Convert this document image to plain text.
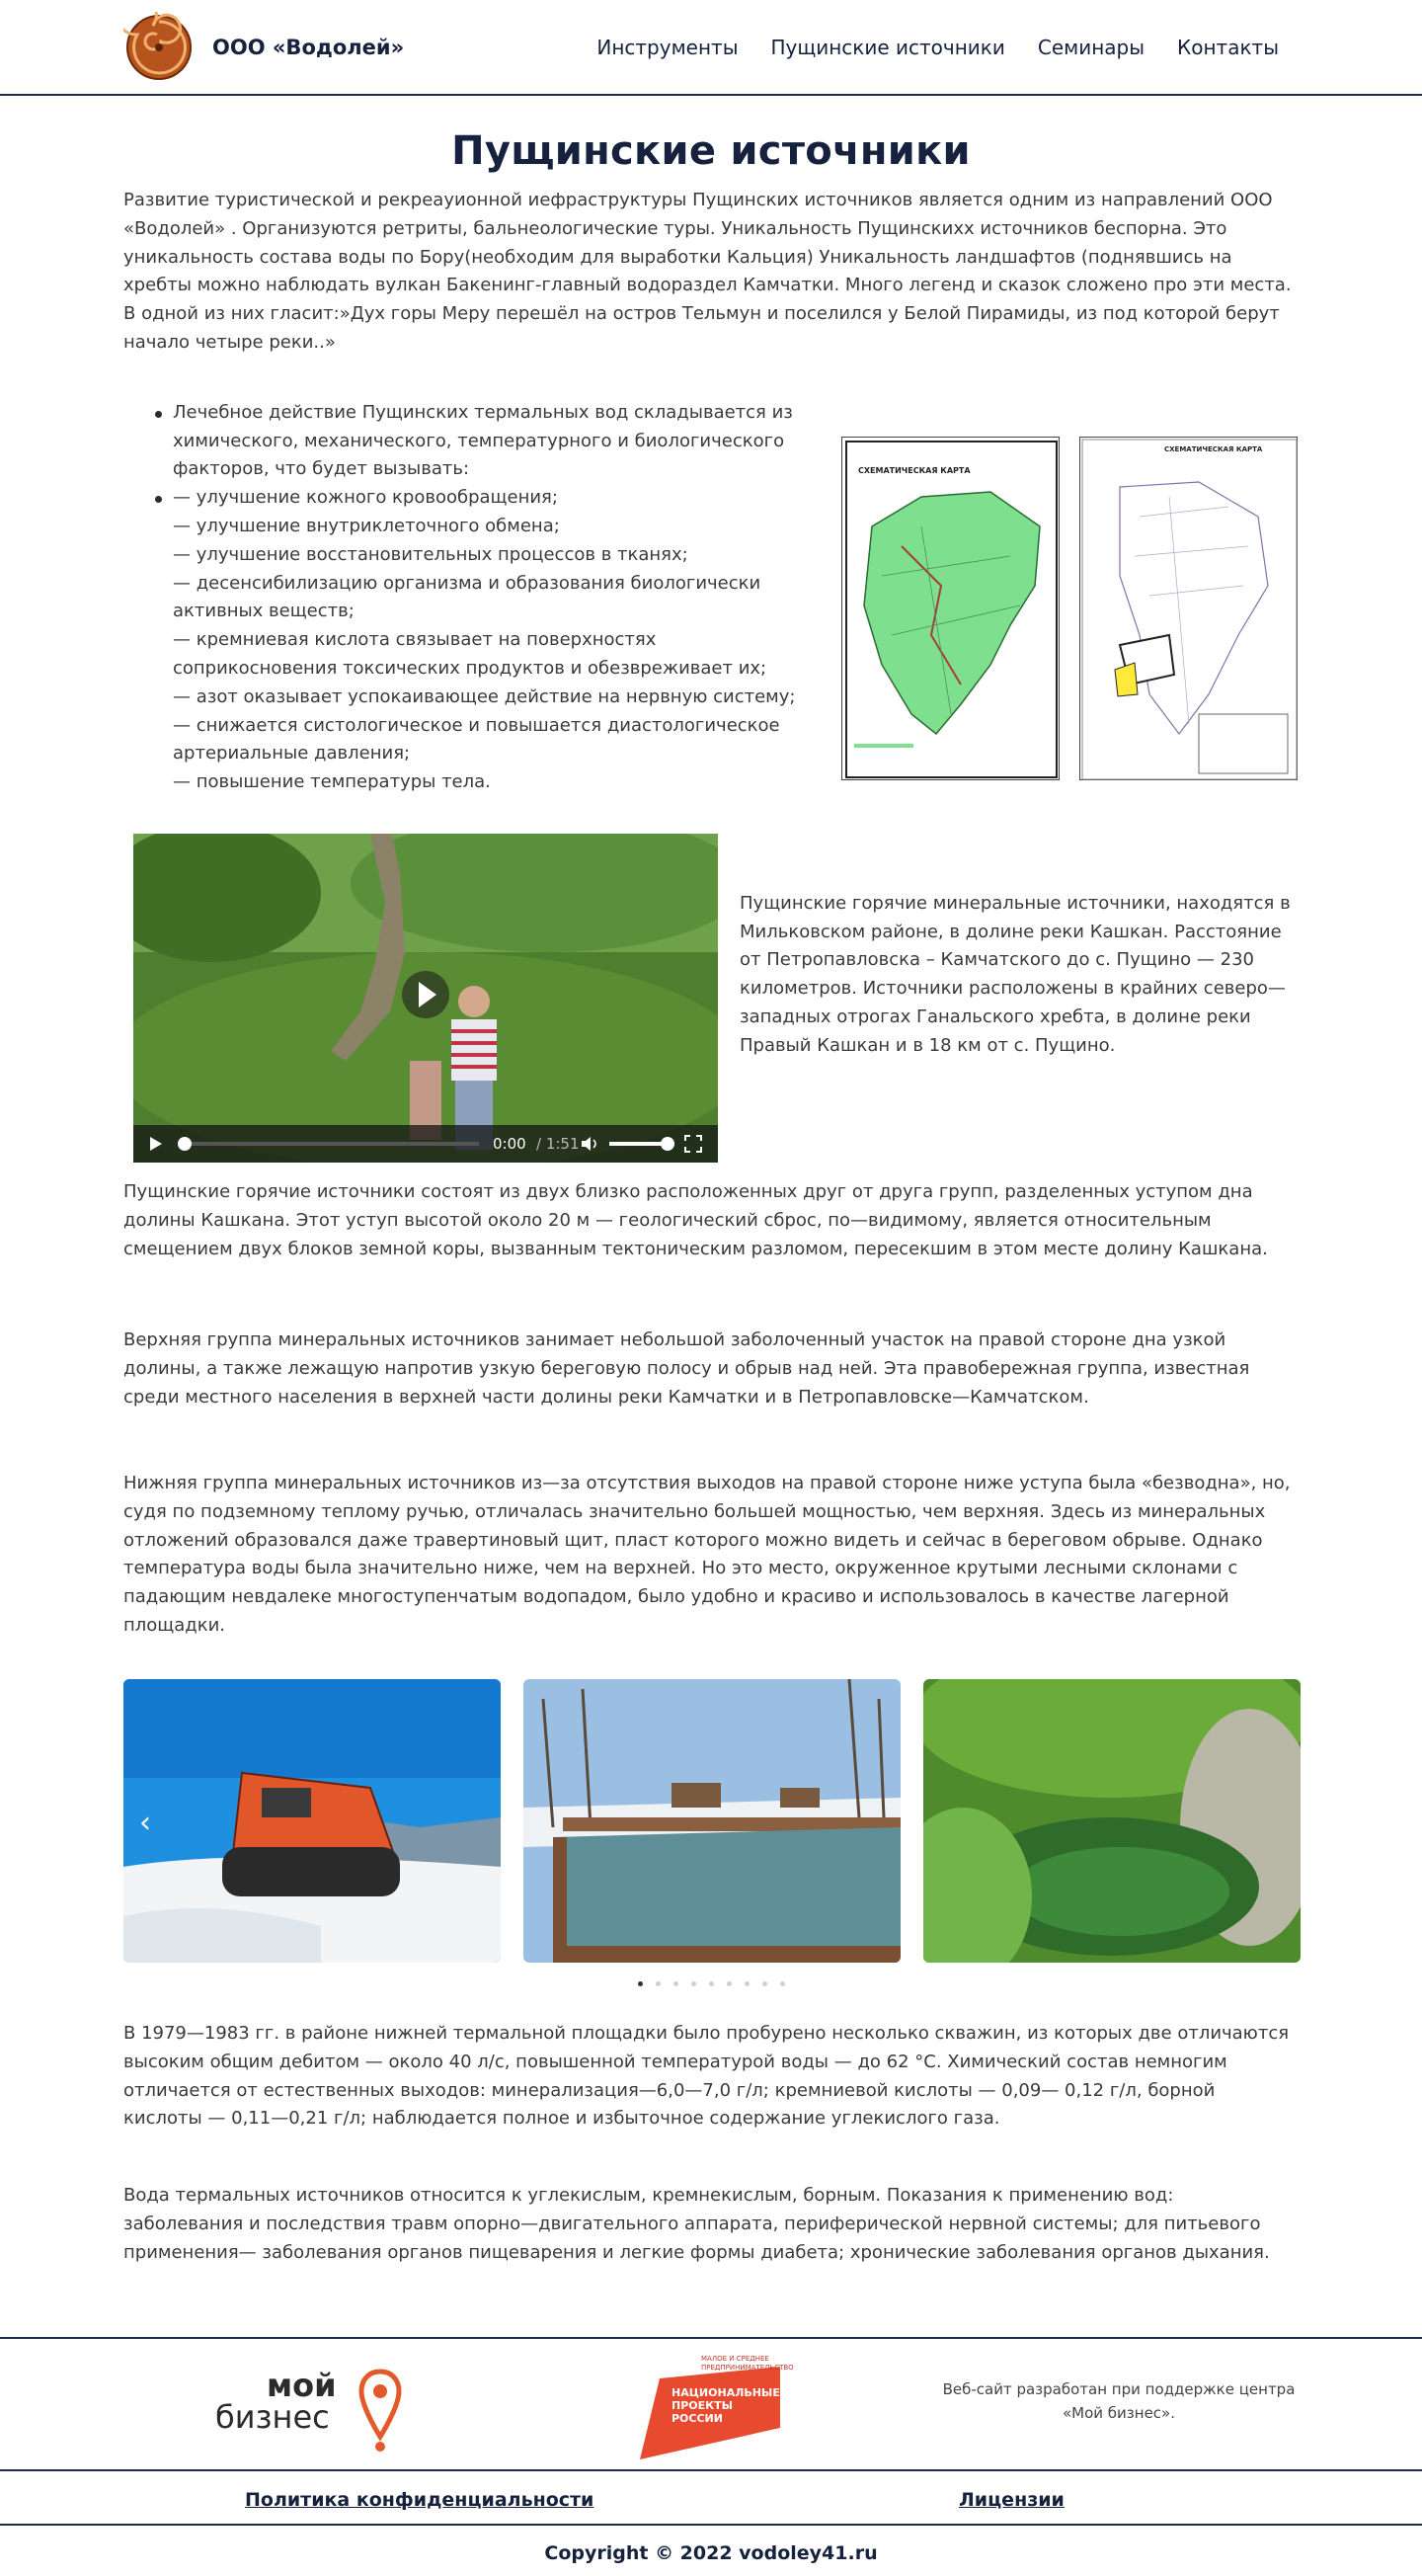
ООО «Водолей»	Инструменты Пущинские источники Семинары Контакты
Пущинские источники

Развитие туристической и рекреауионной иефраструктуры Пущинских источников является одним из направлений ООО «Водолей» . Организуются ретриты, бальнеологические туры. Уникальность Пущинскихх источников беспорна. Это уникальность состава воды по Бору(необходим для выработки Кальция) Уникальность ландшафтов (поднявшись на хребты можно наблюдать вулкан Бакенинг-главный водораздел Камчатки. Много легенд и сказок сложено про эти места. В одной из них гласит:»Дух горы Меру перешёл на остров Тельмун и поселился у Белой Пирамиды, из под которой берут начало четыре реки..»

Лечебное действие Пущинских термальных вод складывается из химического, механического, температурного и биологического факторов, что будет вызывать:
— улучшение кожного кровообращения;
— улучшение внутриклеточного обмена;
— улучшение восстановительных процессов в тканях;
— десенсибилизацию организма и образования биологически активных веществ;
— кремниевая кислота связывает на поверхностях соприкосновения токсических продуктов и обезвреживает их;
— азот оказывает успокаивающее действие на нервную систему;
— снижается систологическое и повышается диастологическое артериальные давления;
— повышение температуры тела.
СХЕМАТИЧЕСКАЯ КАРТА
СХЕМАТИЧЕСКАЯ КАРТА
0:00 / 1:51

Пущинские горячие минеральные источники, находятся в Мильковском районе, в долине реки Кашкан. Расстояние от Петропавловска – Камчатского до с. Пущино — 230 километров. Источники расположены в крайних северо—западных отрогах Ганальского хребта, в долине реки Правый Кашкан и в 18 км от с. Пущино.

Пущинские горячие источники состоят из двух близко расположенных друг от друга групп, разделенных уступом дна долины Кашкана. Этот уступ высотой около 20 м — геологический сброс, по—видимому, является относительным смещением двух блоков земной коры, вызванным тектоническим разломом, пересекшим в этом месте долину Кашкана.

Верхняя группа минеральных источников занимает небольшой заболоченный участок на правой стороне дна узкой долины, а также лежащую напротив узкую береговую полосу и обрыв над ней. Эта правобережная группа, известная среди местного населения в верхней части долины реки Камчатки и в Петропавловске—Камчатском.

Нижняя группа минеральных источников из—за отсутствия выходов на правой стороне ниже уступа была «безводна», но, судя по подземному теплому ручью, отличалась значительно большей мощностью, чем верхняя. Здесь из минеральных отложений образовался даже травертиновый щит, пласт которого можно видеть и сейчас в береговом обрыве. Однако температура воды была значительно ниже, чем на верхней. Но это место, окруженное крутыми лесными склонами с падающим невдалеке многоступенчатым водопадом, было удобно и красиво и использовалось в качестве лагерной площадки.

‹

В 1979—1983 гг. в районе нижней термальной площадки было пробурено несколько скважин, из которых две отличаются высоким общим дебитом — около 40 л/с, повышенной температурой воды — до 62 °С. Химический состав немногим отличается от естественных выходов: минерализация—6,0—7,0 г/л; кремниевой кислоты — 0,09— 0,12 г/л, борной кислоты — 0,11—0,21 г/л; наблюдается полное и избыточное содержание углекислого газа.

Вода термальных источников относится к углекислым, кремнекислым, борным. Показания к применению вод: заболевания и последствия травм опорно—двигательного аппарата, периферической нервной системы; для питьевого применения— заболевания органов пищеварения и легкие формы диабета; хронические заболевания органов дыхания.

мой
бизнес
МАЛОЕ И СРЕДНЕЕ ПРЕДПРИНИМАТЕЛЬСТВО
НАЦИОНАЛЬНЫЕ
ПРОЕКТЫ
РОССИИ
Веб-сайт разработан при поддержке центра «Мой бизнес».
Политика конфиденциальности	Лицензии
Copyright © 2022 vodoley41.ru
